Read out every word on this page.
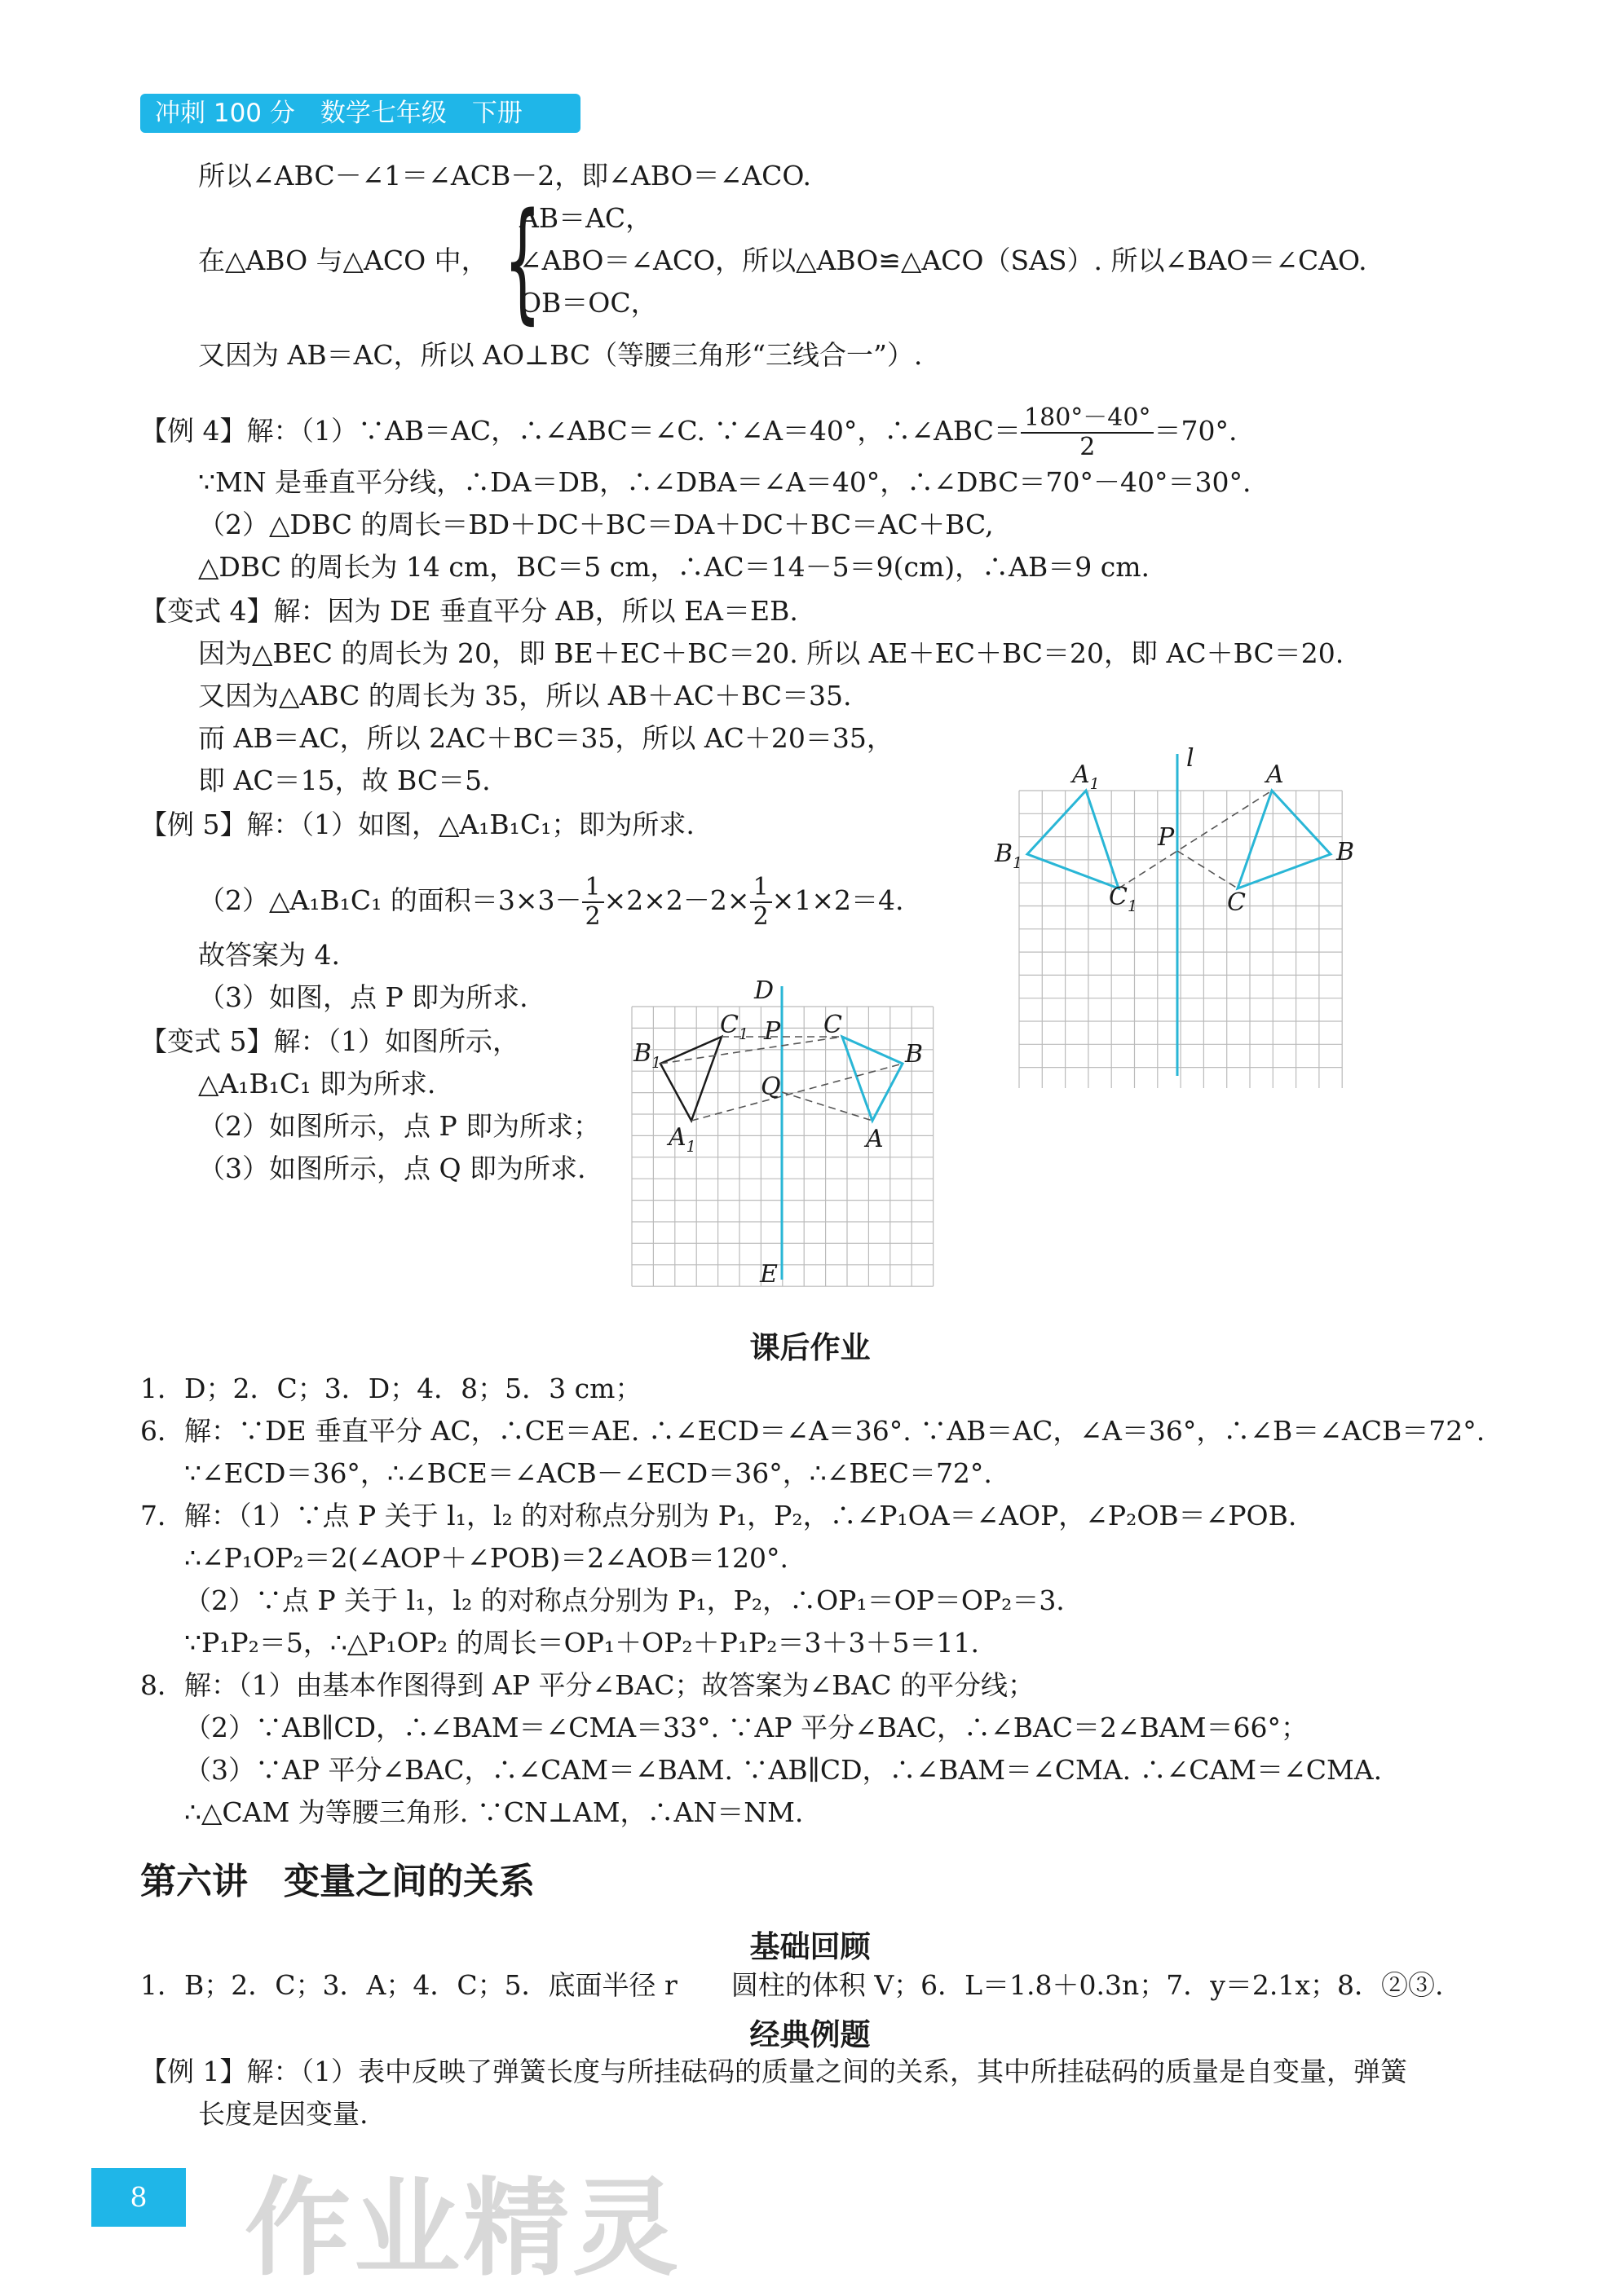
冲刺 100 分　数学七年级　下册
所以∠ABC－∠1＝∠ACB－2，即∠ABO＝∠ACO.
在△ABO 与△ACO 中， {
AB＝AC，
∠ABO＝∠ACO，所以△ABO≌△ACO（SAS）. 所以∠BAO＝∠CAO.
OB＝OC，
又因为 AB＝AC，所以 AO⊥BC（等腰三角形“三线合一”）.
【例 4】解：（1）∵AB＝AC，∴∠ABC＝∠C. ∵∠A＝40°，∴∠ABC＝ $\frac{180^\circ-40^\circ}{2} =70^\circ$.
∵MN 是垂直平分线，∴DA＝DB，∴∠DBA＝∠A＝40°，∴∠DBC＝70°－40°＝30°.
（2）△DBC 的周长＝BD＋DC＋BC＝DA＋DC＋BC＝AC＋BC,
△DBC 的周长为 14 cm，BC＝5 cm，∴AC＝14－5＝9(cm)，∴AB＝9 cm.
【变式 4】解：因为 DE 垂直平分 AB，所以 EA＝EB.
因为△BEC 的周长为 20，即 BE＋EC＋BC＝20. 所以 AE＋EC＋BC＝20，即 AC＋BC＝20.
又因为△ABC 的周长为 35，所以 AB＋AC＋BC＝35.
而 AB＝AC，所以 2AC＋BC＝35，所以 AC＋20＝35，
即 AC＝15，故 BC＝5.
【例 5】解：（1）如图，△A₁B₁C₁；即为所求.
（2）△A₁B₁C₁ 的面积$=3\times 3- \frac{1}{2} \times 2\times 2-2\times \frac{1}{2} \times 1\times 2=4$.
故答案为 4.
（3）如图，点 P 即为所求.
【变式 5】解：（1）如图所示，
△A₁B₁C₁ 即为所求.
（2）如图所示，点 P 即为所求；
（3）如图所示，点 Q 即为所求.
$A_1$
$B_1$
$C_1$
A
B
C
P
l
D
E
$B_1$
$C_1$
$A_1$
P
Q
C
B
A
课后作业
1．D；2．C；3．D；4．8；5．3 cm；
6．解：∵DE 垂直平分 AC，∴CE＝AE. ∴∠ECD＝∠A＝36°. ∵AB＝AC，∠A＝36°，∴∠B＝∠ACB＝72°.
∵∠ECD＝36°，∴∠BCE＝∠ACB－∠ECD＝36°，∴∠BEC＝72°.
7．解：（1）∵点 P 关于 l₁，l₂ 的对称点分别为 P₁，P₂，∴∠P₁OA＝∠AOP，∠P₂OB＝∠POB.
∴∠P₁OP₂＝2(∠AOP＋∠POB)＝2∠AOB＝120°.
（2）∵点 P 关于 l₁，l₂ 的对称点分别为 P₁，P₂，∴OP₁＝OP＝OP₂＝3.
∵P₁P₂＝5，∴△P₁OP₂ 的周长＝OP₁＋OP₂＋P₁P₂＝3＋3＋5＝11.
8．解：（1）由基本作图得到 AP 平分∠BAC；故答案为∠BAC 的平分线；
（2）∵AB∥CD，∴∠BAM＝∠CMA＝33°. ∵AP 平分∠BAC，∴∠BAC＝2∠BAM＝66°；
（3）∵AP 平分∠BAC，∴∠CAM＝∠BAM. ∵AB∥CD，∴∠BAM＝∠CMA. ∴∠CAM＝∠CMA.
∴△CAM 为等腰三角形. ∵CN⊥AM，∴AN＝NM.
第六讲　变量之间的关系
基础回顾
1．B；2．C；3．A；4．C；5．底面半径 r　　圆柱的体积 V；6．L＝1.8＋0.3n；7．y＝2.1x；8．②③.
经典例题
【例 1】解：（1）表中反映了弹簧长度与所挂砝码的质量之间的关系，其中所挂砝码的质量是自变量，弹簧
长度是因变量.
8 作业精灵
